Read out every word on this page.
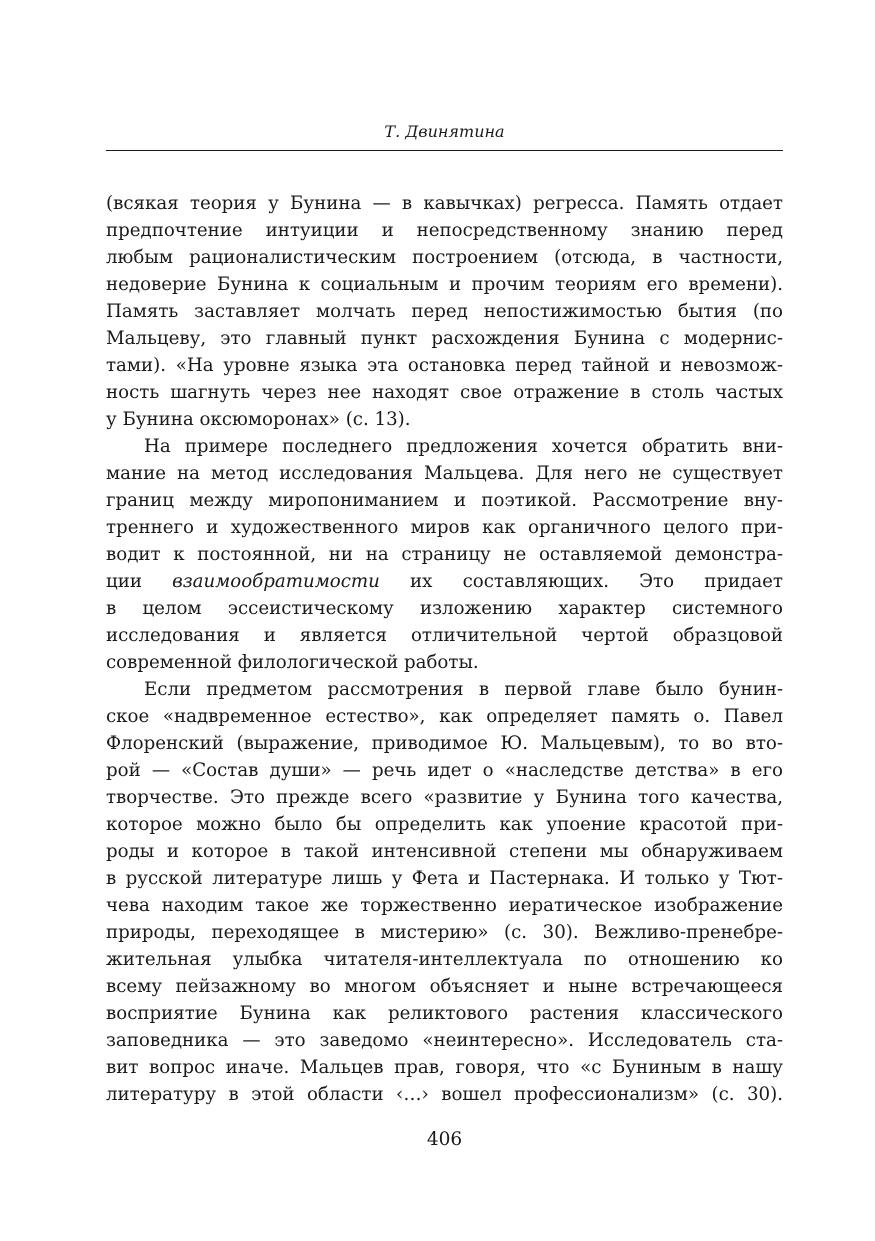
Т. Двинятина
(всякая теория у Бунина — в кавычках) регресса. Память отдает
предпочтение интуиции и непосредственному знанию перед
любым рационалистическим построением (отсюда, в частности,
недоверие Бунина к социальным и прочим теориям его времени).
Память заставляет молчать перед непостижимостью бытия (по
Мальцеву, это главный пункт расхождения Бунина с модернис-
тами). «На уровне языка эта остановка перед тайной и невозмож-
ность шагнуть через нее находят свое отражение в столь частых
у Бунина оксюморонах» (с. 13).
На примере последнего предложения хочется обратить вни-
мание на метод исследования Мальцева. Для него не существует
границ между миропониманием и поэтикой. Рассмотрение вну-
треннего и художественного миров как органичного целого при-
водит к постоянной, ни на страницу не оставляемой демонстра-
ции взаимообратимости их составляющих. Это придает
в целом эссеистическому изложению характер системного
исследования и является отличительной чертой образцовой
современной филологической работы.
Если предметом рассмотрения в первой главе было бунин-
ское «надвременное естество», как определяет память о. Павел
Флоренский (выражение, приводимое Ю. Мальцевым), то во вто-
рой — «Состав души» — речь идет о «наследстве детства» в его
творчестве. Это прежде всего «развитие у Бунина того качества,
которое можно было бы определить как упоение красотой при-
роды и которое в такой интенсивной степени мы обнаруживаем
в русской литературе лишь у Фета и Пастернака. И только у Тют-
чева находим такое же торжественно иератическое изображение
природы, переходящее в мистерию» (с. 30). Вежливо-пренебре-
жительная улыбка читателя-интеллектуала по отношению ко
всему пейзажному во многом объясняет и ныне встречающееся
восприятие Бунина как реликтового растения классического
заповедника — это заведомо «неинтересно». Исследователь ста-
вит вопрос иначе. Мальцев прав, говоря, что «с Буниным в нашу
литературу в этой области ‹…› вошел профессионализм» (с. 30).
406
